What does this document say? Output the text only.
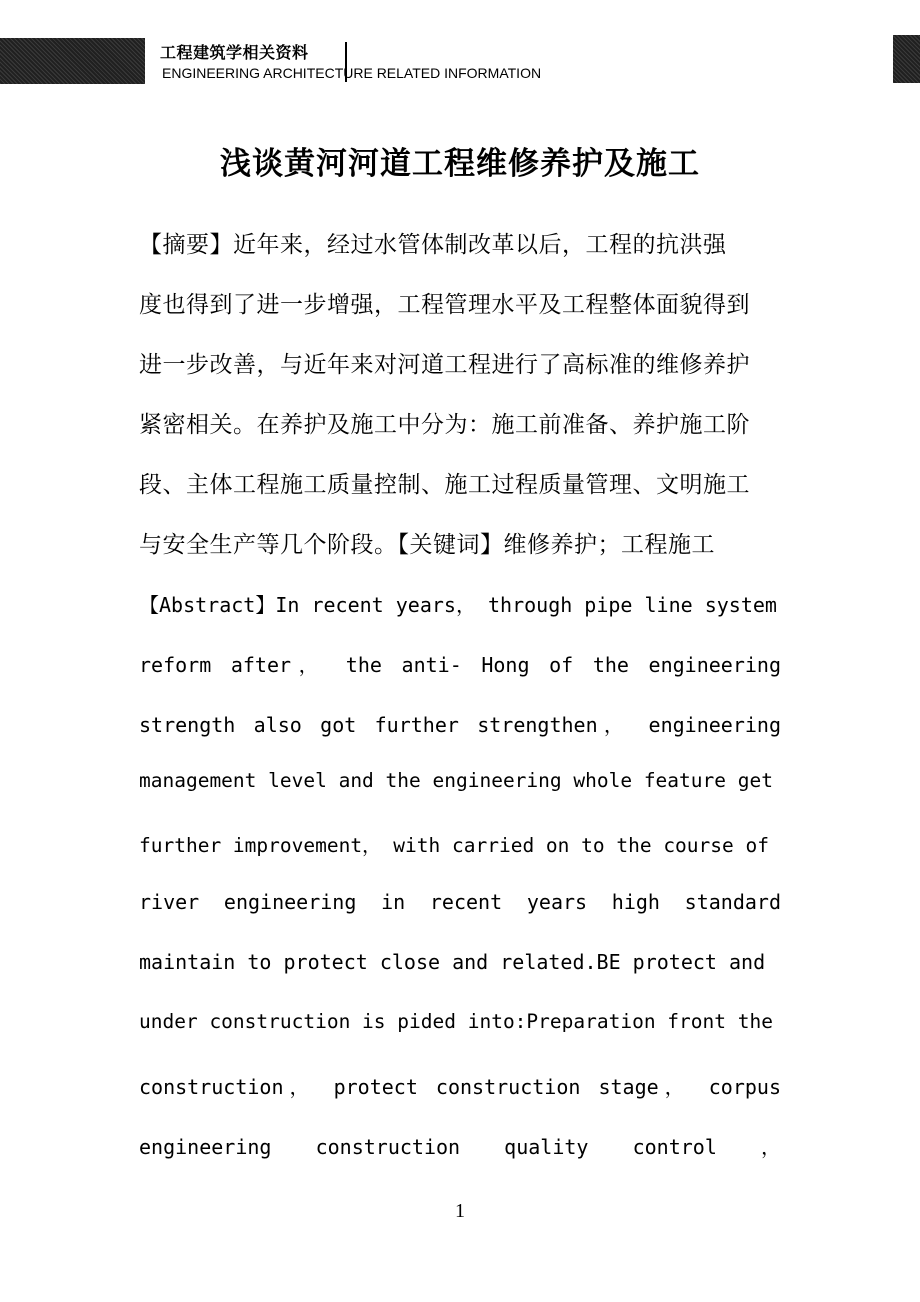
工程建筑学相关资料
ENGINEERING ARCHITECTURE RELATED INFORMATION
浅谈黄河河道工程维修养护及施工
【摘要】近年来，经过水管体制改革以后，工程的抗洪强
度也得到了进一步增强，工程管理水平及工程整体面貌得到
进一步改善，与近年来对河道工程进行了高标准的维修养护
紧密相关。在养护及施工中分为：施工前准备、养护施工阶
段、主体工程施工质量控制、施工过程质量管理、文明施工
与安全生产等几个阶段。【关键词】维修养护；工程施工
【Abstract】In recent years， through pipe line system
reform after， the anti- Hong of the engineering
strength also got further strengthen， engineering
management level and the engineering whole feature get
further improvement， with carried on to the course of
river engineering in recent years high standard
maintain to protect close and related.BE protect and
under construction is pided into:Preparation front the
construction， protect construction stage， corpus
engineering construction quality control ，
1
